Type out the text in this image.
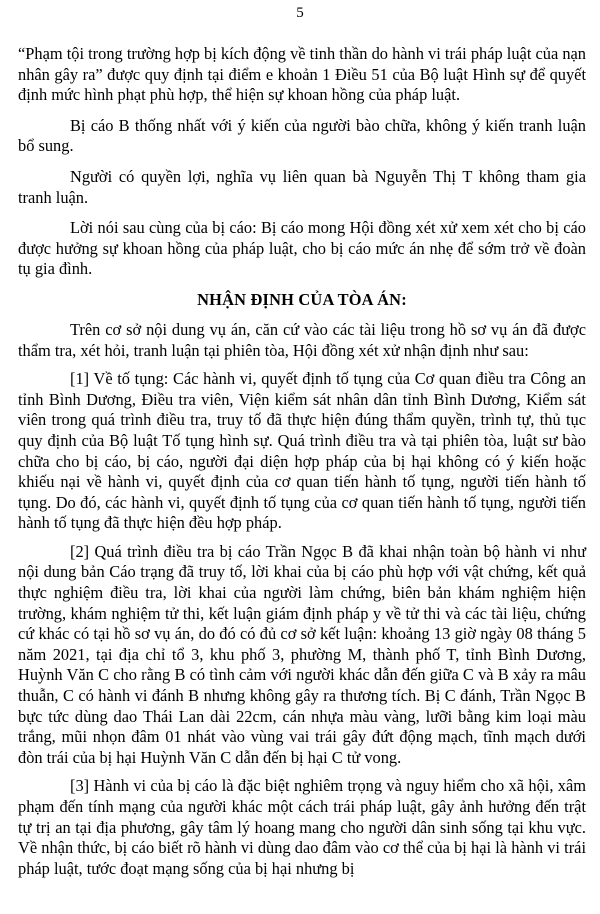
5

“Phạm tội trong trường hợp bị kích động về tinh thần do hành vi trái pháp luật của nạn nhân gây ra” được quy định tại điểm e khoản 1 Điều 51 của Bộ luật Hình sự để quyết định mức hình phạt phù hợp, thể hiện sự khoan hồng của pháp luật.

Bị cáo B thống nhất với ý kiến của người bào chữa, không ý kiến tranh luận bổ sung.

Người có quyền lợi, nghĩa vụ liên quan bà Nguyễn Thị T không tham gia tranh luận.

Lời nói sau cùng của bị cáo: Bị cáo mong Hội đồng xét xử xem xét cho bị cáo được hưởng sự khoan hồng của pháp luật, cho bị cáo mức án nhẹ để sớm trở về đoàn tụ gia đình.

NHẬN ĐỊNH CỦA TÒA ÁN:

Trên cơ sở nội dung vụ án, căn cứ vào các tài liệu trong hồ sơ vụ án đã được thẩm tra, xét hỏi, tranh luận tại phiên tòa, Hội đồng xét xử nhận định như sau:

[1] Về tố tụng: Các hành vi, quyết định tố tụng của Cơ quan điều tra Công an tỉnh Bình Dương, Điều tra viên, Viện kiểm sát nhân dân tỉnh Bình Dương, Kiểm sát viên trong quá trình điều tra, truy tố đã thực hiện đúng thẩm quyền, trình tự, thủ tục quy định của Bộ luật Tố tụng hình sự. Quá trình điều tra và tại phiên tòa, luật sư bào chữa cho bị cáo, bị cáo, người đại diện hợp pháp của bị hại không có ý kiến hoặc khiếu nại về hành vi, quyết định của cơ quan tiến hành tố tụng, người tiến hành tố tụng. Do đó, các hành vi, quyết định tố tụng của cơ quan tiến hành tố tụng, người tiến hành tố tụng đã thực hiện đều hợp pháp.

[2] Quá trình điều tra bị cáo Trần Ngọc B đã khai nhận toàn bộ hành vi như nội dung bản Cáo trạng đã truy tố, lời khai của bị cáo phù hợp với vật chứng, kết quả thực nghiệm điều tra, lời khai của người làm chứng, biên bản khám nghiệm hiện trường, khám nghiệm tử thi, kết luận giám định pháp y về tử thi và các tài liệu, chứng cứ khác có tại hồ sơ vụ án, do đó có đủ cơ sở kết luận: khoảng 13 giờ ngày 08 tháng 5 năm 2021, tại địa chỉ tổ 3, khu phố 3, phường M, thành phố T, tỉnh Bình Dương, Huỳnh Văn C cho rằng B có tình cảm với người khác dẫn đến giữa C và B xảy ra mâu thuẫn, C có hành vi đánh B nhưng không gây ra thương tích. Bị C đánh, Trần Ngọc B bực tức dùng dao Thái Lan dài 22cm, cán nhựa màu vàng, lưỡi bằng kim loại màu trắng, mũi nhọn đâm 01 nhát vào vùng vai trái gây đứt động mạch, tĩnh mạch dưới đòn trái của bị hại Huỳnh Văn C dẫn đến bị hại C tử vong.

[3] Hành vi của bị cáo là đặc biệt nghiêm trọng và nguy hiểm cho xã hội, xâm phạm đến tính mạng của người khác một cách trái pháp luật, gây ảnh hưởng đến trật tự trị an tại địa phương, gây tâm lý hoang mang cho người dân sinh sống tại khu vực. Về nhận thức, bị cáo biết rõ hành vi dùng dao đâm vào cơ thể của bị hại là hành vi trái pháp luật, tước đoạt mạng sống của bị hại nhưng bị
